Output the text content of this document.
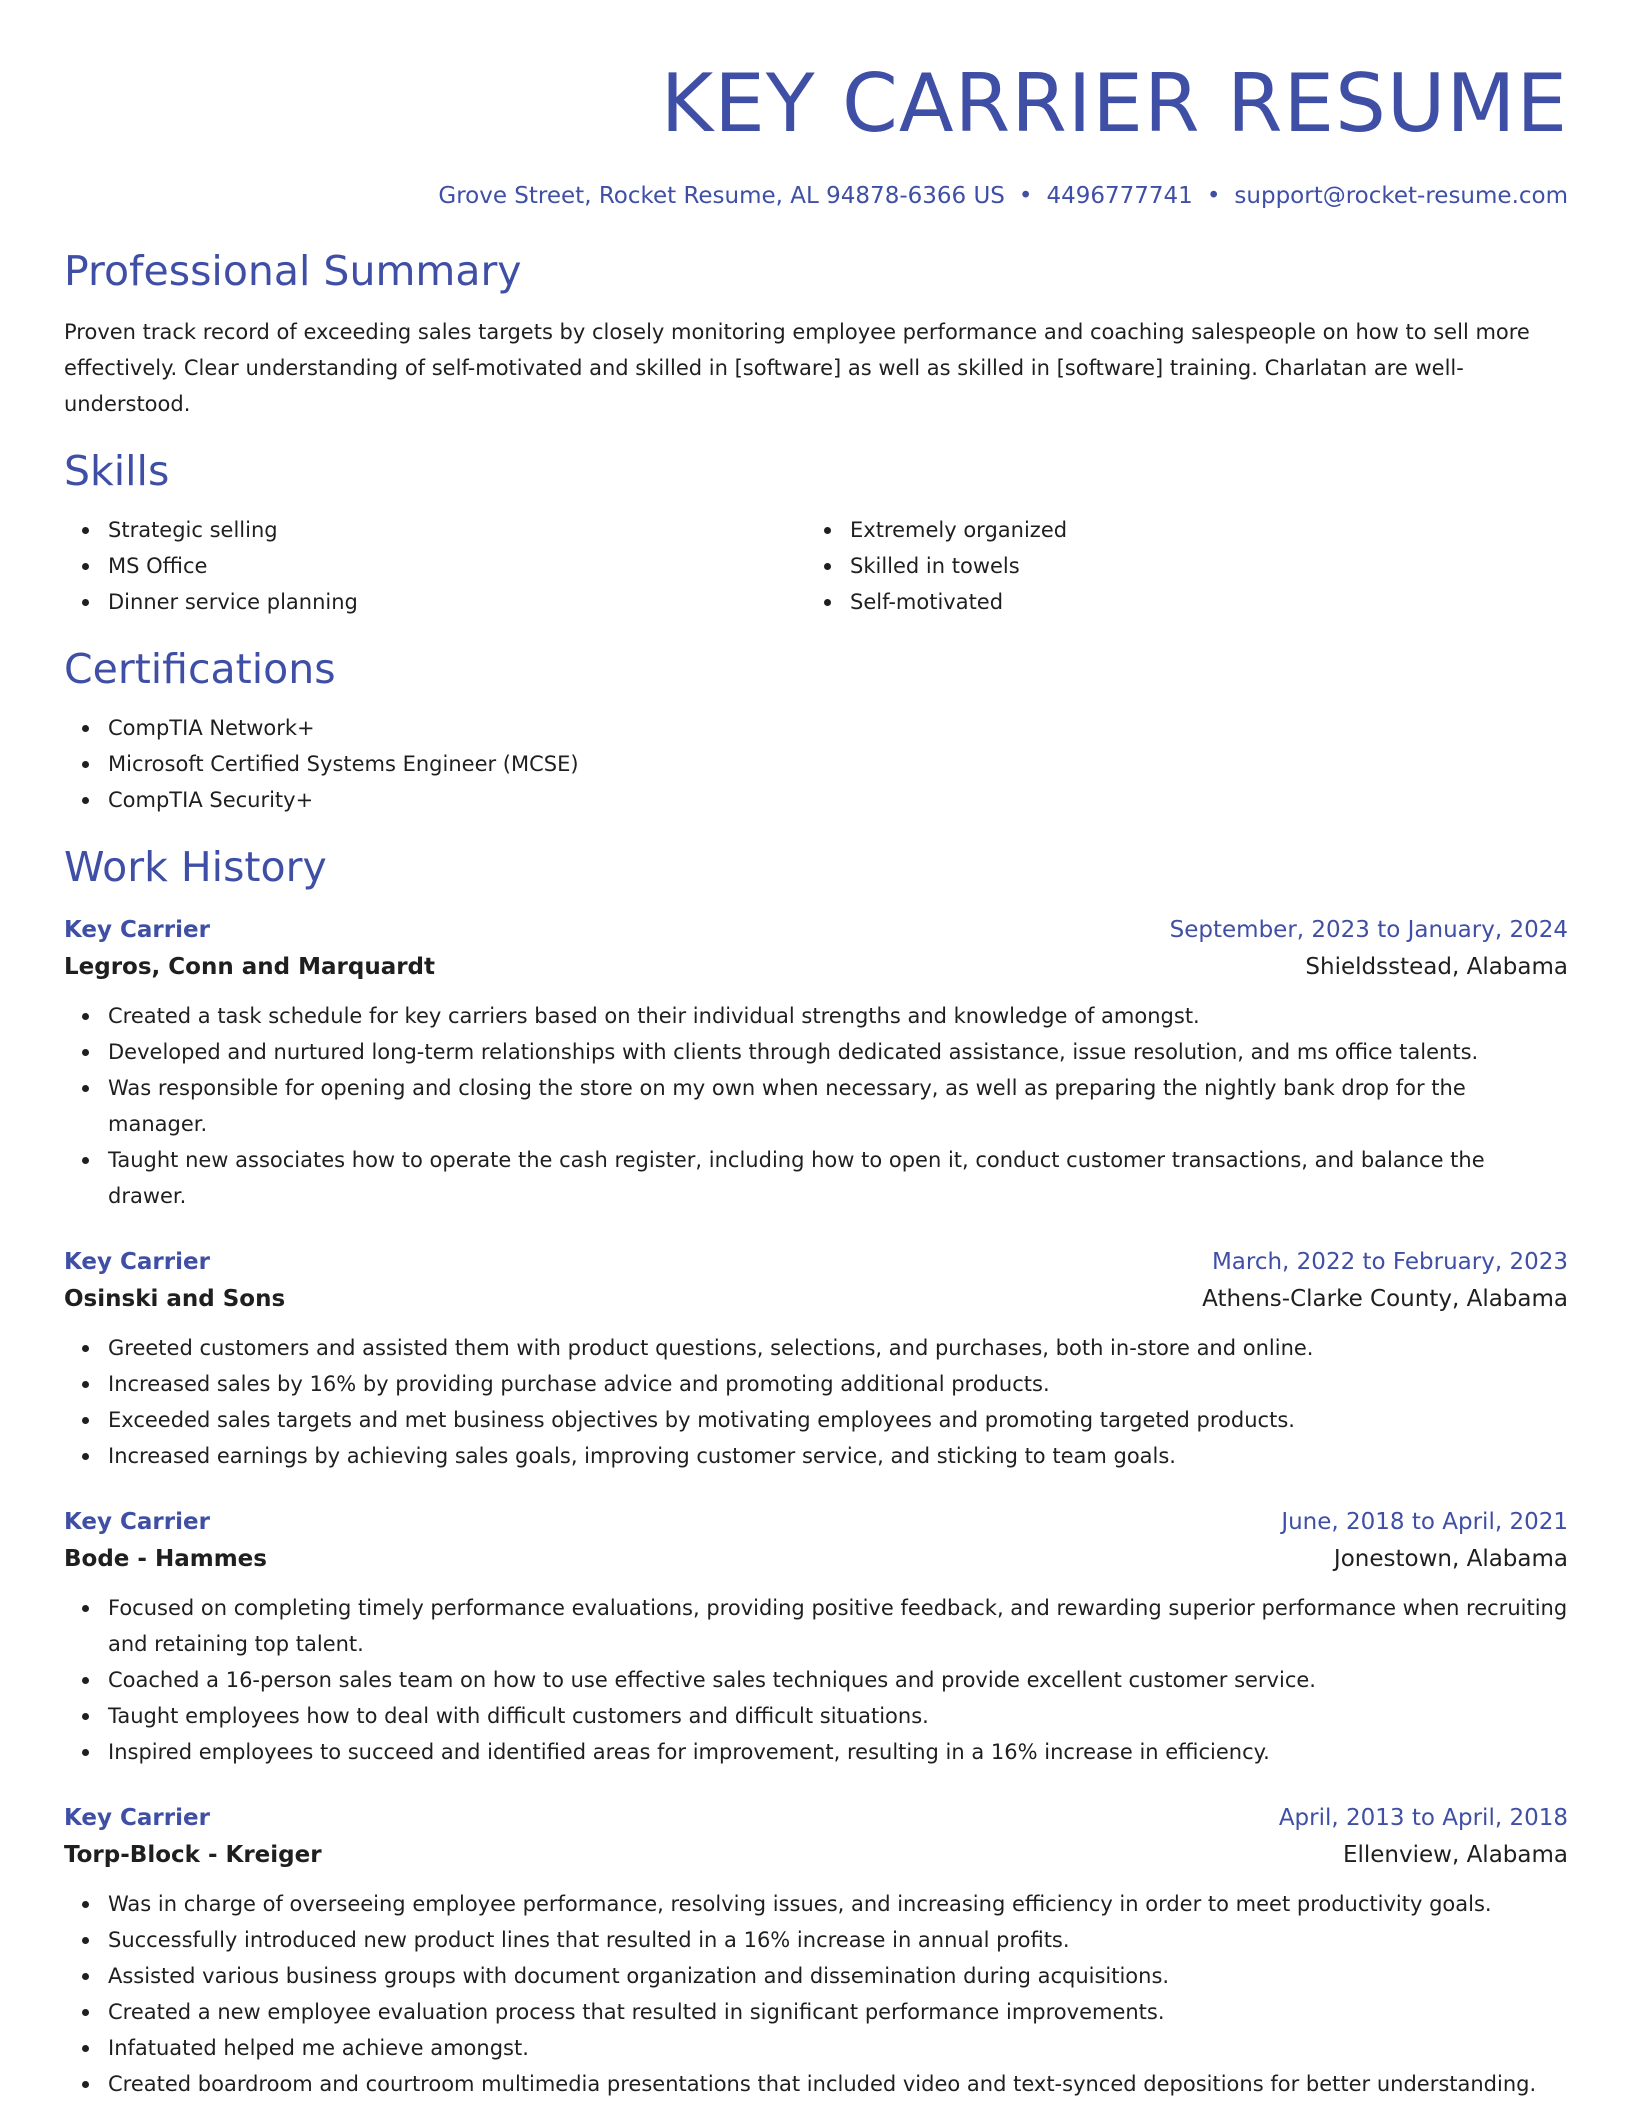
KEY CARRIER RESUME
Grove Street, Rocket Resume, AL 94878-6366 US • 4496777741 • support@rocket-resume.com
Professional Summary
Proven track record of exceeding sales targets by closely monitoring employee performance and coaching salespeople on how to sell more effectively. Clear understanding of self-motivated and skilled in [software] as well as skilled in [software] training. Charlatan are well-understood.
Skills
Strategic selling
MS Office
Dinner service planning
Extremely organized
Skilled in towels
Self-motivated
Certifications
CompTIA Network+
Microsoft Certified Systems Engineer (MCSE)
CompTIA Security+
Work History
Key Carrier	September, 2023 to January, 2024
Legros, Conn and Marquardt	Shieldsstead, Alabama
Created a task schedule for key carriers based on their individual strengths and knowledge of amongst.
Developed and nurtured long-term relationships with clients through dedicated assistance, issue resolution, and ms office talents.
Was responsible for opening and closing the store on my own when necessary, as well as preparing the nightly bank drop for the manager.
Taught new associates how to operate the cash register, including how to open it, conduct customer transactions, and balance the drawer.
Key Carrier	March, 2022 to February, 2023
Osinski and Sons	Athens-Clarke County, Alabama
Greeted customers and assisted them with product questions, selections, and purchases, both in-store and online.
Increased sales by 16% by providing purchase advice and promoting additional products.
Exceeded sales targets and met business objectives by motivating employees and promoting targeted products.
Increased earnings by achieving sales goals, improving customer service, and sticking to team goals.
Key Carrier	June, 2018 to April, 2021
Bode - Hammes	Jonestown, Alabama
Focused on completing timely performance evaluations, providing positive feedback, and rewarding superior performance when recruiting and retaining top talent.
Coached a 16-person sales team on how to use effective sales techniques and provide excellent customer service.
Taught employees how to deal with difficult customers and difficult situations.
Inspired employees to succeed and identified areas for improvement, resulting in a 16% increase in efficiency.
Key Carrier	April, 2013 to April, 2018
Torp-Block - Kreiger	Ellenview, Alabama
Was in charge of overseeing employee performance, resolving issues, and increasing efficiency in order to meet productivity goals.
Successfully introduced new product lines that resulted in a 16% increase in annual profits.
Assisted various business groups with document organization and dissemination during acquisitions.
Created a new employee evaluation process that resulted in significant performance improvements.
Infatuated helped me achieve amongst.
Created boardroom and courtroom multimedia presentations that included video and text-synced depositions for better understanding.
